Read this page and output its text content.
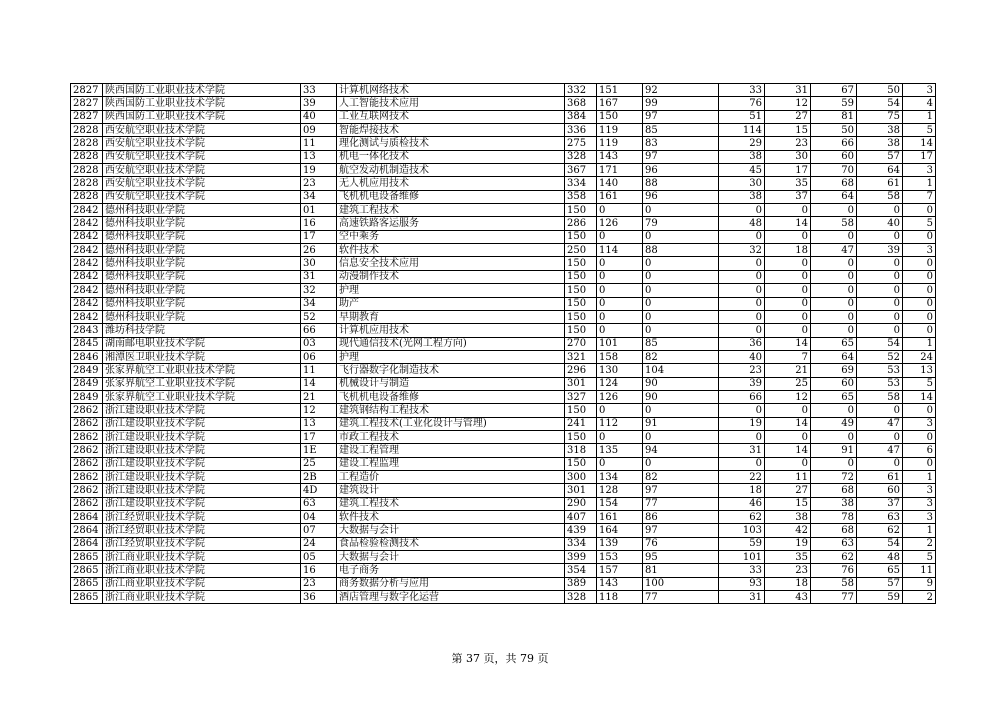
2827	陕西国防工业职业技术学院	33	计算机网络技术	332	151	92	33	31	67	50	3
2827	陕西国防工业职业技术学院	39	人工智能技术应用	368	167	99	76	12	59	54	4
2827	陕西国防工业职业技术学院	40	工业互联网技术	384	150	97	51	27	81	75	1
2828	西安航空职业技术学院	09	智能焊接技术	336	119	85	114	15	50	38	5
2828	西安航空职业技术学院	11	理化测试与质检技术	275	119	83	29	23	66	38	14
2828	西安航空职业技术学院	13	机电一体化技术	328	143	97	38	30	60	57	17
2828	西安航空职业技术学院	19	航空发动机制造技术	367	171	96	45	17	70	64	3
2828	西安航空职业技术学院	23	无人机应用技术	334	140	88	30	35	68	61	1
2828	西安航空职业技术学院	34	飞机机电设备维修	358	161	96	38	37	64	58	7
2842	德州科技职业学院	01	建筑工程技术	150	0	0	0	0	0	0	0
2842	德州科技职业学院	16	高速铁路客运服务	286	126	79	48	14	58	40	5
2842	德州科技职业学院	17	空中乘务	150	0	0	0	0	0	0	0
2842	德州科技职业学院	26	软件技术	250	114	88	32	18	47	39	3
2842	德州科技职业学院	30	信息安全技术应用	150	0	0	0	0	0	0	0
2842	德州科技职业学院	31	动漫制作技术	150	0	0	0	0	0	0	0
2842	德州科技职业学院	32	护理	150	0	0	0	0	0	0	0
2842	德州科技职业学院	34	助产	150	0	0	0	0	0	0	0
2842	德州科技职业学院	52	早期教育	150	0	0	0	0	0	0	0
2843	潍坊科技学院	66	计算机应用技术	150	0	0	0	0	0	0	0
2845	湖南邮电职业技术学院	03	现代通信技术(光网工程方向)	270	101	85	36	14	65	54	1
2846	湘潭医卫职业技术学院	06	护理	321	158	82	40	7	64	52	24
2849	张家界航空工业职业技术学院	11	飞行器数字化制造技术	296	130	104	23	21	69	53	13
2849	张家界航空工业职业技术学院	14	机械设计与制造	301	124	90	39	25	60	53	5
2849	张家界航空工业职业技术学院	21	飞机机电设备维修	327	126	90	66	12	65	58	14
2862	浙江建设职业技术学院	12	建筑钢结构工程技术	150	0	0	0	0	0	0	0
2862	浙江建设职业技术学院	13	建筑工程技术(工业化设计与管理)	241	112	91	19	14	49	47	3
2862	浙江建设职业技术学院	17	市政工程技术	150	0	0	0	0	0	0	0
2862	浙江建设职业技术学院	1E	建设工程管理	318	135	94	31	14	91	47	6
2862	浙江建设职业技术学院	25	建设工程监理	150	0	0	0	0	0	0	0
2862	浙江建设职业技术学院	2B	工程造价	300	134	82	22	11	72	61	1
2862	浙江建设职业技术学院	4D	建筑设计	301	128	97	18	27	68	60	3
2862	浙江建设职业技术学院	63	建筑工程技术	290	154	77	46	15	38	37	3
2864	浙江经贸职业技术学院	04	软件技术	407	161	86	62	38	78	63	3
2864	浙江经贸职业技术学院	07	大数据与会计	439	164	97	103	42	68	62	1
2864	浙江经贸职业技术学院	24	食品检验检测技术	334	139	76	59	19	63	54	2
2865	浙江商业职业技术学院	05	大数据与会计	399	153	95	101	35	62	48	5
2865	浙江商业职业技术学院	16	电子商务	354	157	81	33	23	76	65	11
2865	浙江商业职业技术学院	23	商务数据分析与应用	389	143	100	93	18	58	57	9
2865	浙江商业职业技术学院	36	酒店管理与数字化运营	328	118	77	31	43	77	59	2
第 37 页，共 79 页
